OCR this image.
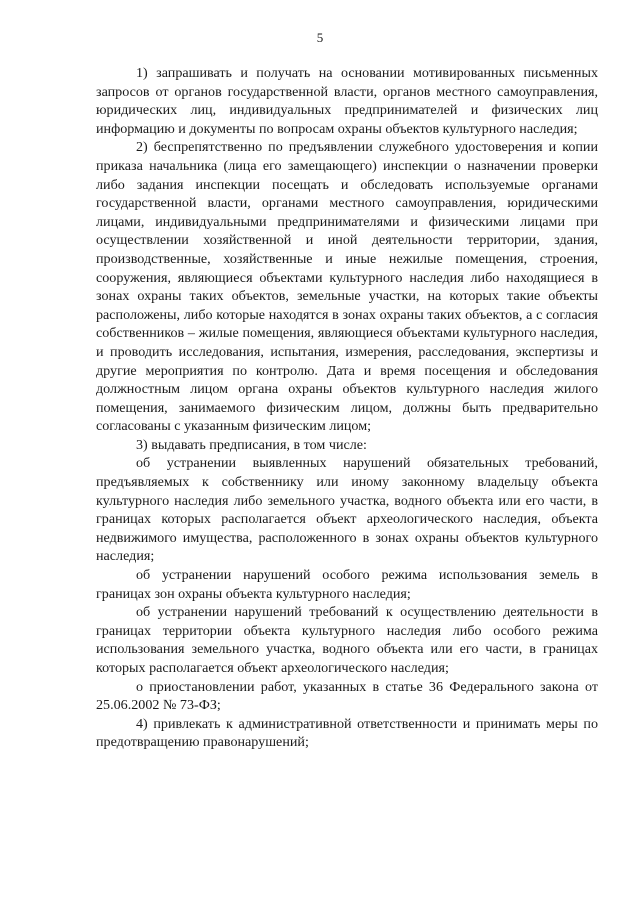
5

1) запрашивать и получать на основании мотивированных письменных запросов от органов государственной власти, органов местного самоуправления, юридических лиц, индивидуальных предпринимателей и физических лиц информацию и документы по вопросам охраны объектов культурного наследия;

2) беспрепятственно по предъявлении служебного удостоверения и копии приказа начальника (лица его замещающего) инспекции о назначении проверки либо задания инспекции посещать и обследовать используемые органами государственной власти, органами местного самоуправления, юридическими лицами, индивидуальными предпринимателями и физическими лицами при осуществлении хозяйственной и иной деятельности территории, здания, производственные, хозяйственные и иные нежилые помещения, строения, сооружения, являющиеся объектами культурного наследия либо находящиеся в зонах охраны таких объектов, земельные участки, на которых такие объекты расположены, либо которые находятся в зонах охраны таких объектов, а с согласия собственников – жилые помещения, являющиеся объектами культурного наследия, и проводить исследования, испытания, измерения, расследования, экспертизы и другие мероприятия по контролю. Дата и время посещения и обследования должностным лицом органа охраны объектов культурного наследия жилого помещения, занимаемого физическим лицом, должны быть предварительно согласованы с указанным физическим лицом;

3) выдавать предписания, в том числе:

об устранении выявленных нарушений обязательных требований, предъявляемых к собственнику или иному законному владельцу объекта культурного наследия либо земельного участка, водного объекта или его части, в границах которых располагается объект археологического наследия, объекта недвижимого имущества, расположенного в зонах охраны объектов культурного наследия;

об устранении нарушений особого режима использования земель в границах зон охраны объекта культурного наследия;

об устранении нарушений требований к осуществлению деятельности в границах территории объекта культурного наследия либо особого режима использования земельного участка, водного объекта или его части, в границах которых располагается объект археологического наследия;

о приостановлении работ, указанных в статье 36 Федерального закона от 25.06.2002 № 73-ФЗ;

4) привлекать к административной ответственности и принимать меры по предотвращению правонарушений;
